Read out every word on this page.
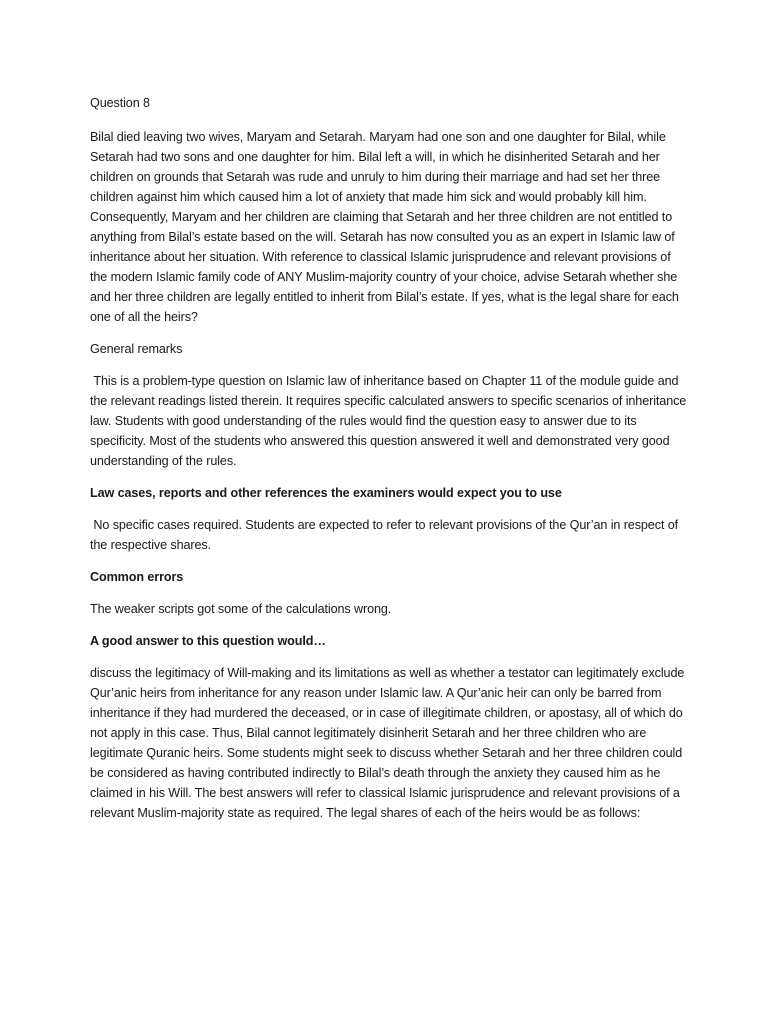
Question 8

Bilal died leaving two wives, Maryam and Setarah. Maryam had one son and one daughter for Bilal, while Setarah had two sons and one daughter for him. Bilal left a will, in which he disinherited Setarah and her children on grounds that Setarah was rude and unruly to him during their marriage and had set her three children against him which caused him a lot of anxiety that made him sick and would probably kill him. Consequently, Maryam and her children are claiming that Setarah and her three children are not entitled to anything from Bilal’s estate based on the will. Setarah has now consulted you as an expert in Islamic law of inheritance about her situation. With reference to classical Islamic jurisprudence and relevant provisions of the modern Islamic family code of ANY Muslim-majority country of your choice, advise Setarah whether she and her three children are legally entitled to inherit from Bilal’s estate. If yes, what is the legal share for each one of all the heirs?

General remarks

This is a problem-type question on Islamic law of inheritance based on Chapter 11 of the module guide and the relevant readings listed therein. It requires specific calculated answers to specific scenarios of inheritance law. Students with good understanding of the rules would find the question easy to answer due to its specificity. Most of the students who answered this question answered it well and demonstrated very good understanding of the rules.

Law cases, reports and other references the examiners would expect you to use

No specific cases required. Students are expected to refer to relevant provisions of the Qur’an in respect of the respective shares.

Common errors

The weaker scripts got some of the calculations wrong.

A good answer to this question would…

discuss the legitimacy of Will-making and its limitations as well as whether a testator can legitimately exclude Qur’anic heirs from inheritance for any reason under Islamic law. A Qur’anic heir can only be barred from inheritance if they had murdered the deceased, or in case of illegitimate children, or apostasy, all of which do not apply in this case. Thus, Bilal cannot legitimately disinherit Setarah and her three children who are legitimate Quranic heirs. Some students might seek to discuss whether Setarah and her three children could be considered as having contributed indirectly to Bilal’s death through the anxiety they caused him as he claimed in his Will. The best answers will refer to classical Islamic jurisprudence and relevant provisions of a relevant Muslim-majority state as required. The legal shares of each of the heirs would be as follows:
